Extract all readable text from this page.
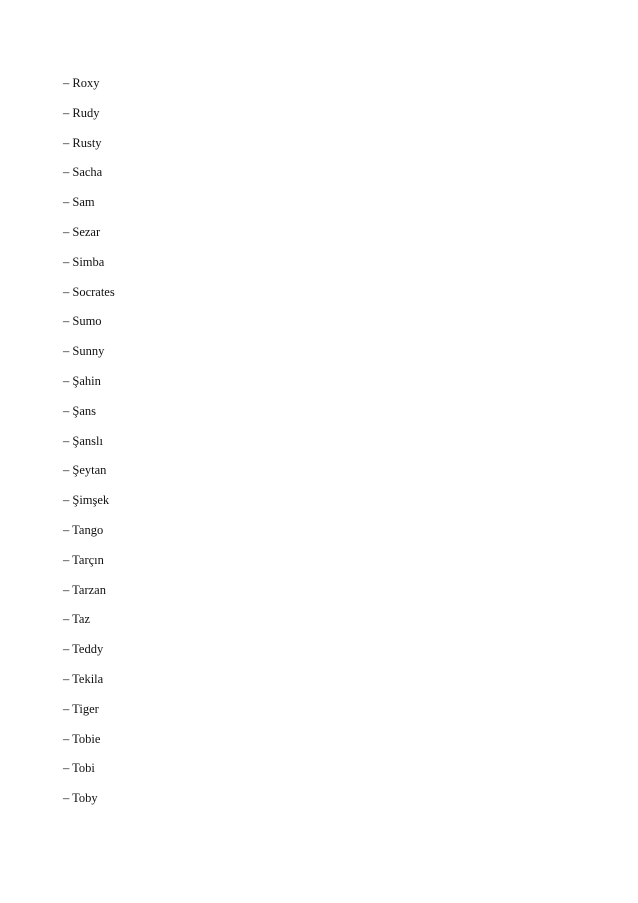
– Roxy
– Rudy
– Rusty
– Sacha
– Sam
– Sezar
– Simba
– Socrates
– Sumo
– Sunny
– Şahin
– Şans
– Şanslı
– Şeytan
– Şimşek
– Tango
– Tarçın
– Tarzan
– Taz
– Teddy
– Tekila
– Tiger
– Tobie
– Tobi
– Toby
